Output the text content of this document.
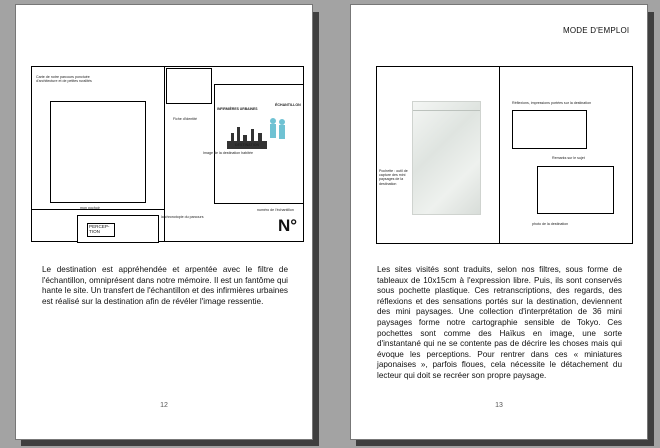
Carte de notre parcours ponctuée d'architecture et de petites ruralités
Fiche d'identité
INFIRMIÈRES URBAINES
ÉCHANTILLON
DESTINATION
Image de la destination habitée
mon pochoir
PERCEP-
TION
la chronotopie du parcours
numéro de l'échantillon
N°
Le destination est appréhendée et arpentée avec le filtre de l'échantillon, omniprésent dans notre mémoire. Il est un fantôme qui hante le site. Un transfert de l'échantillon et des infirmières urbaines est réalisé sur la destination afin de révéler l'image ressentie.
12
MODE D'EMPLOI
Pochette : outil de capture des mini paysages de la destination
Réflexions, impressions portées sur la destination
Remarks sur le sujet
photo de la destination
Les sites visités sont traduits, selon nos filtres, sous forme de tableaux de 10x15cm à l'expression libre. Puis, ils sont conservés sous pochette plastique. Ces retranscriptions, des regards, des réflexions et des sensations portés sur la destination, deviennent des mini paysages. Une collection d'interprétation de 36 mini paysages forme notre cartographie sensible de Tokyo. Ces pochettes sont comme des Haïkus en image, une sorte d'instantané qui ne se contente pas de décrire les choses mais qui évoque les perceptions. Pour rentrer dans ces « miniatures japonaises », parfois floues, cela nécessite le détachement du lecteur qui doit se recréer son propre paysage.
13
